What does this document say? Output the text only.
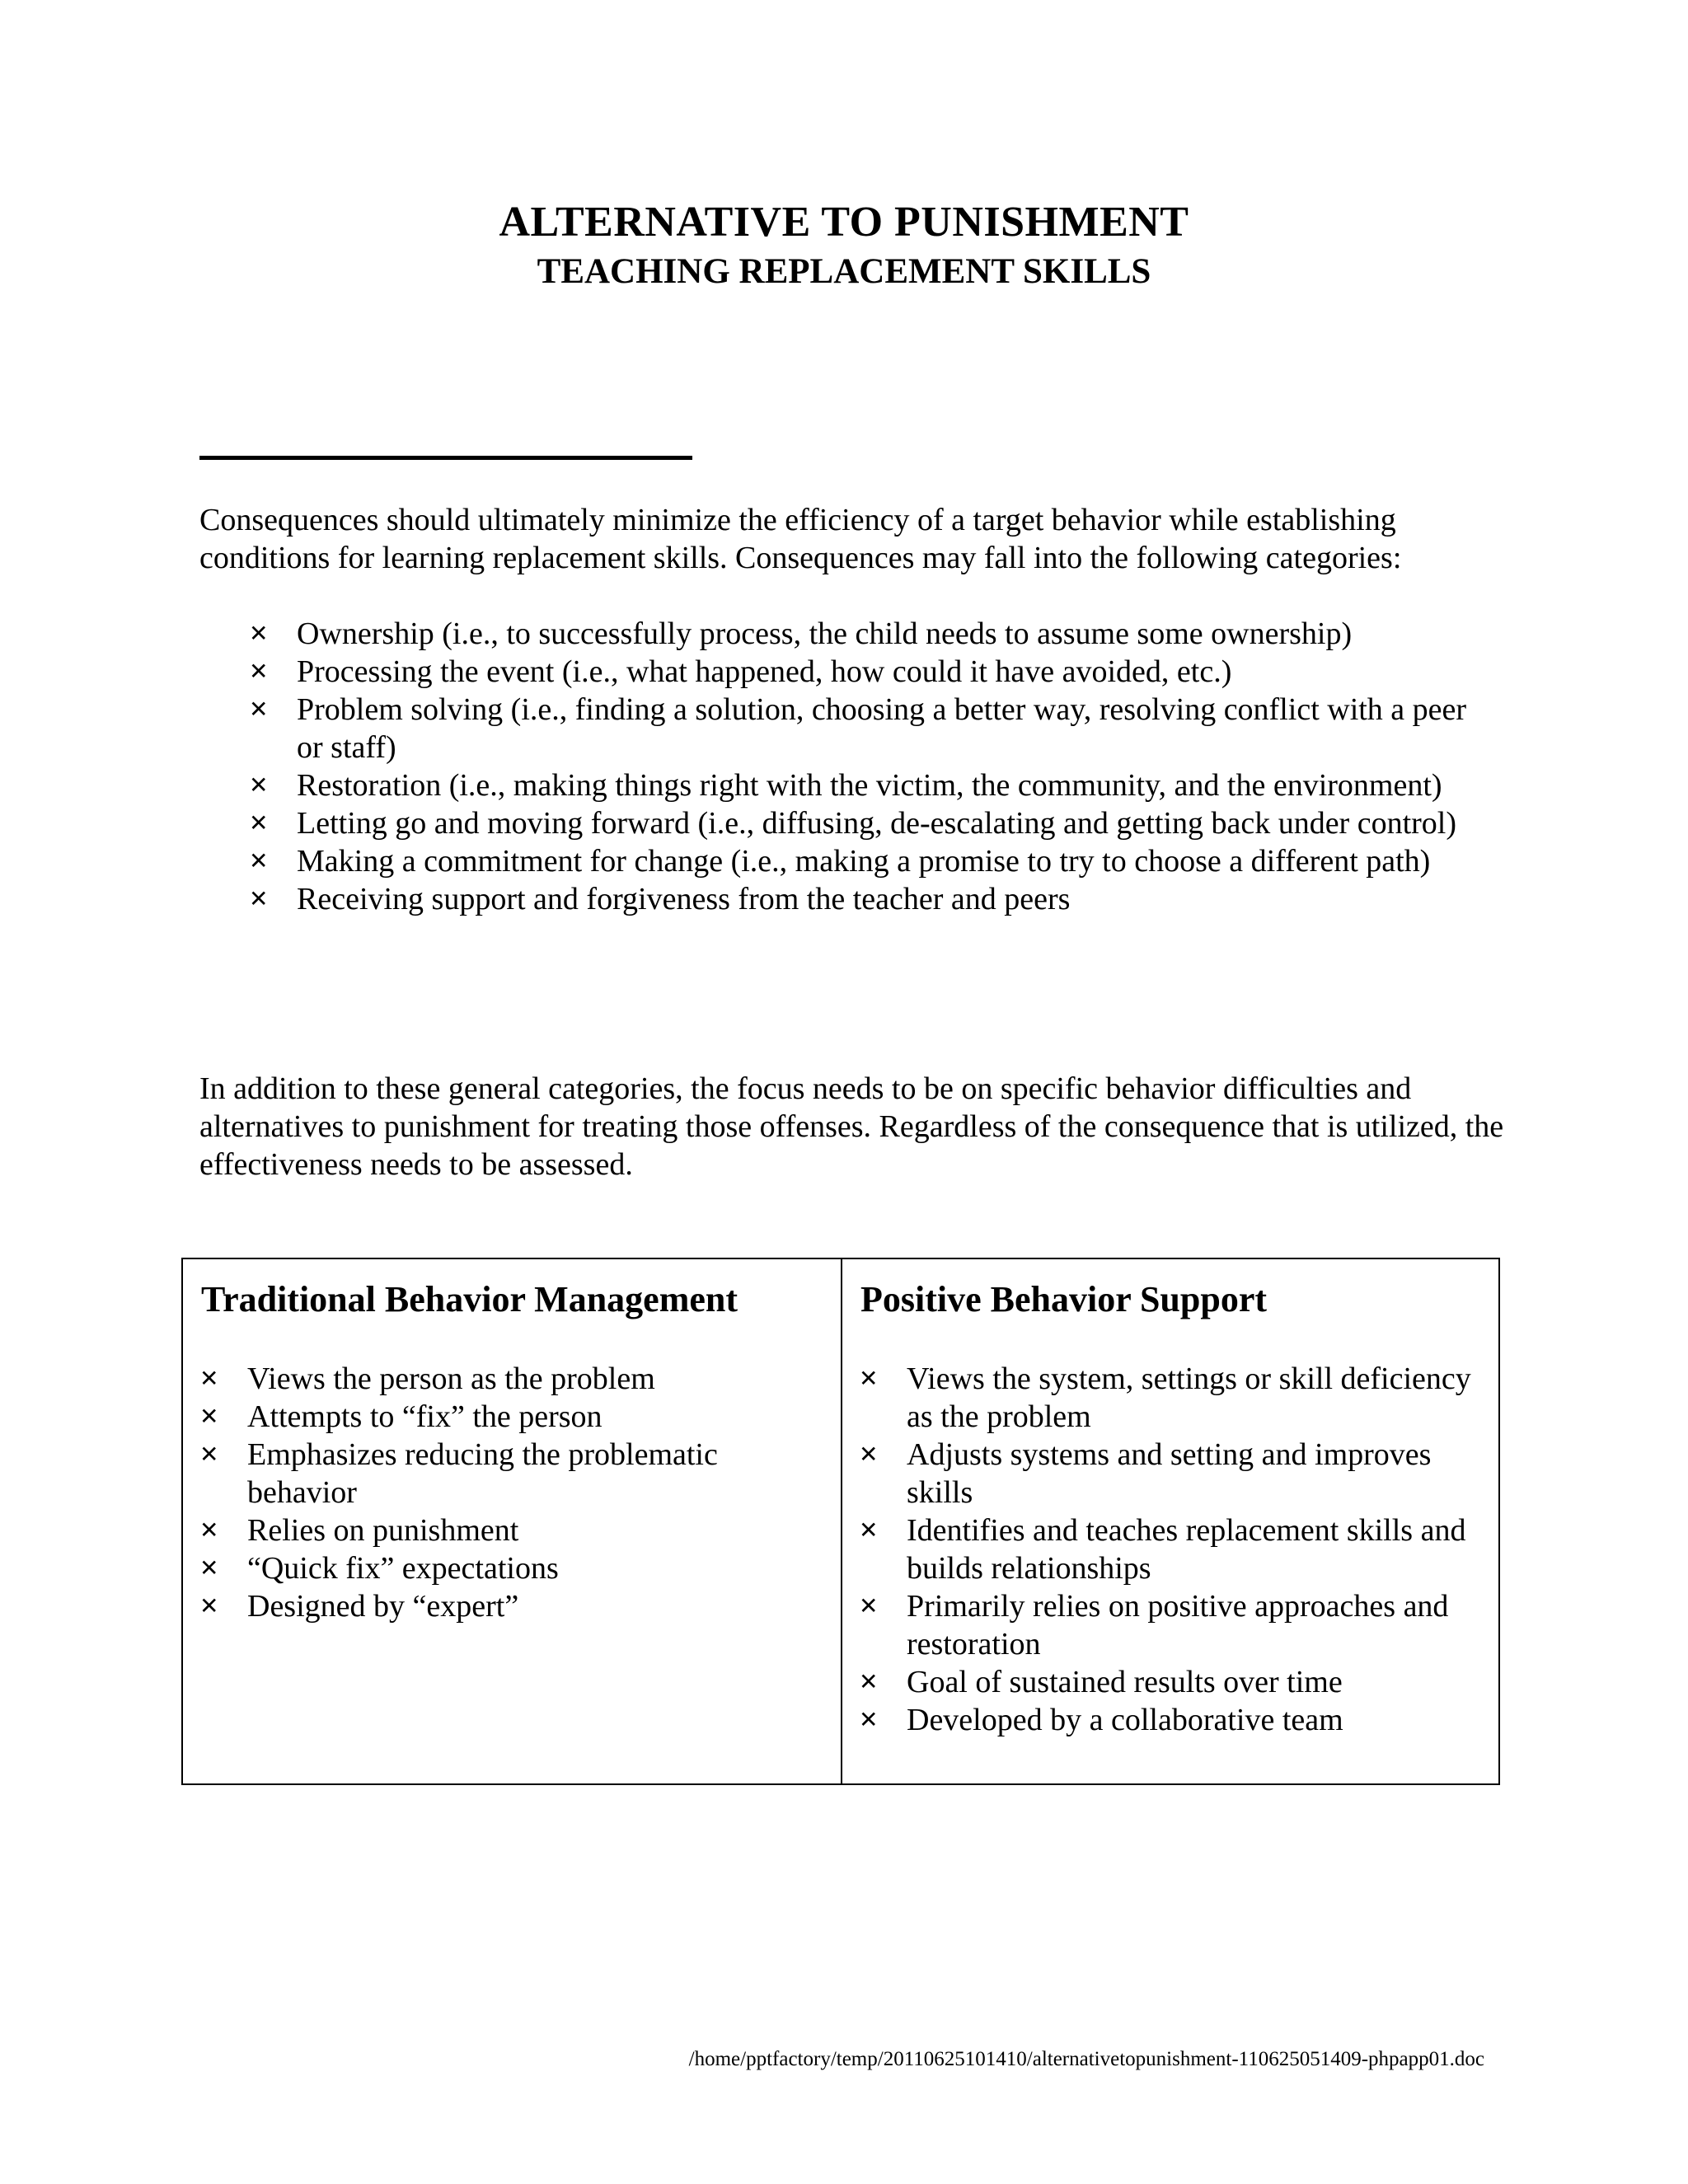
ALTERNATIVE TO PUNISHMENT
TEACHING REPLACEMENT SKILLS

Consequences should ultimately minimize the efficiency of a target behavior while establishing conditions for learning replacement skills. Consequences may fall into the following categories:

✕ Ownership (i.e., to successfully process, the child needs to assume some ownership)
✕ Processing the event (i.e., what happened, how could it have avoided, etc.)
✕ Problem solving (i.e., finding a solution, choosing a better way, resolving conflict with a peer or staff)
✕ Restoration (i.e., making things right with the victim, the community, and the environment)
✕ Letting go and moving forward (i.e., diffusing, de-escalating and getting back under control)
✕ Making a commitment for change (i.e., making a promise to try to choose a different path)
✕ Receiving support and forgiveness from the teacher and peers

In addition to these general categories, the focus needs to be on specific behavior difficulties and alternatives to punishment for treating those offenses. Regardless of the consequence that is utilized, the effectiveness needs to be assessed.

Traditional Behavior Management
✕ Views the person as the problem
✕ Attempts to “fix” the person
✕ Emphasizes reducing the problematic behavior
✕ Relies on punishment
✕ “Quick fix” expectations
✕ Designed by “expert”
Positive Behavior Support
✕ Views the system, settings or skill deficiency as the problem
✕ Adjusts systems and setting and improves skills
✕ Identifies and teaches replacement skills and builds relationships
✕ Primarily relies on positive approaches and restoration
✕ Goal of sustained results over time
✕ Developed by a collaborative team
/home/pptfactory/temp/20110625101410/alternativetopunishment-110625051409-phpapp01.doc
